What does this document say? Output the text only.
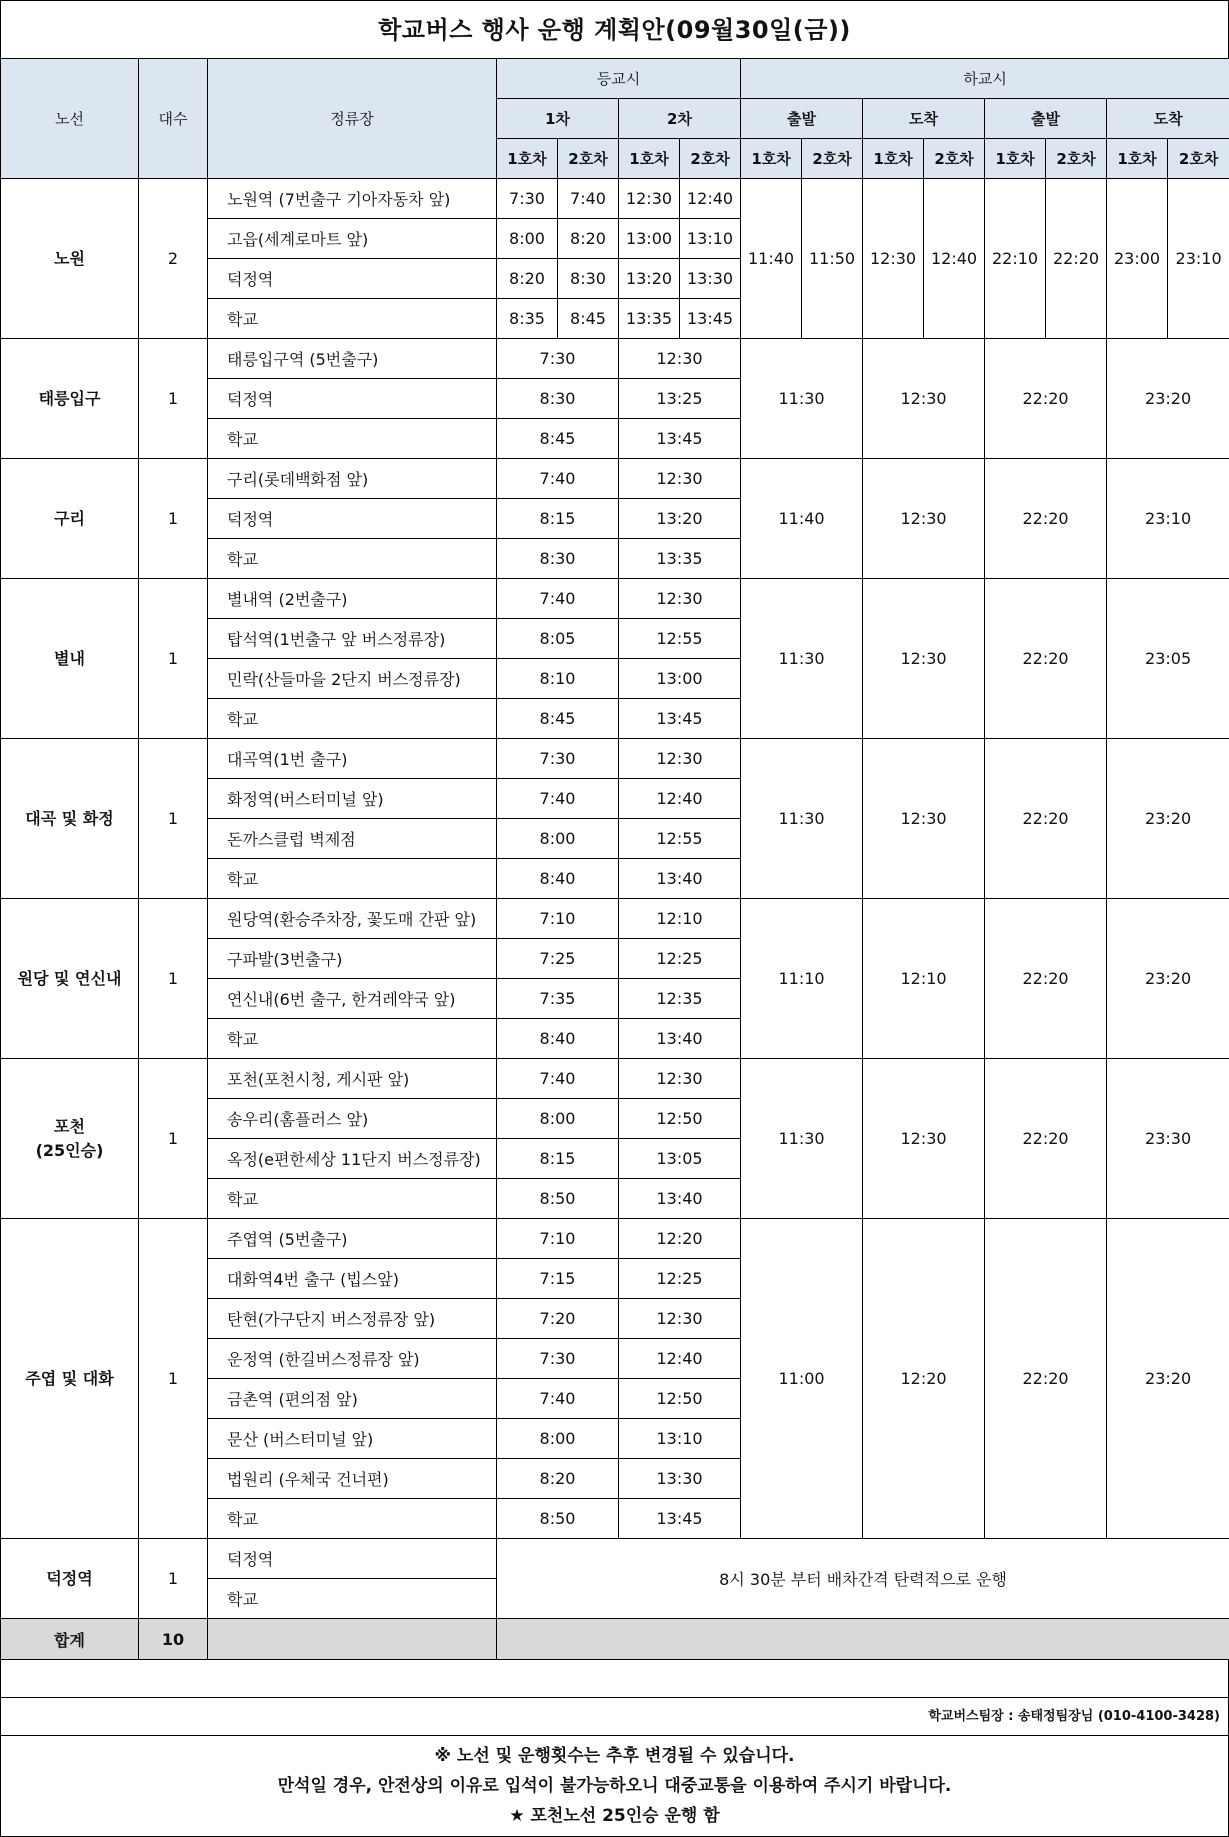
학교버스 행사 운행 계획안(09월30일(금))
노선	대수	정류장	등교시				하교시							
			1차		2차		출발		도착		출발		도착	
			1호차	2호차	1호차	2호차	1호차	2호차	1호차	2호차	1호차	2호차	1호차	2호차
노원	2	노원역 (7번출구 기아자동차 앞)	7:30	7:40	12:30	12:40	11:40	11:50	12:30	12:40	22:10	22:20	23:00	23:10
		고읍(세계로마트 앞)	8:00	8:20	13:00	13:10								
		덕정역	8:20	8:30	13:20	13:30								
		학교	8:35	8:45	13:35	13:45								
태릉입구	1	태릉입구역 (5번출구)	7:30		12:30		11:30		12:30		22:20		23:20	
		덕정역	8:30		13:25									
		학교	8:45		13:45									
구리	1	구리(롯데백화점 앞)	7:40		12:30		11:40		12:30		22:20		23:10	
		덕정역	8:15		13:20									
		학교	8:30		13:35									
별내	1	별내역 (2번출구)	7:40		12:30		11:30		12:30		22:20		23:05	
		탑석역(1번출구 앞 버스정류장)	8:05		12:55									
		민락(산들마을 2단지 버스정류장)	8:10		13:00									
		학교	8:45		13:45									
대곡 및 화정	1	대곡역(1번 출구)	7:30		12:30		11:30		12:30		22:20		23:20	
		화정역(버스터미널 앞)	7:40		12:40									
		돈까스클럽 벽제점	8:00		12:55									
		학교	8:40		13:40									
원당 및 연신내	1	원당역(환승주차장, 꽃도매 간판 앞)	7:10		12:10		11:10		12:10		22:20		23:20	
		구파발(3번출구)	7:25		12:25									
		연신내(6번 출구, 한겨레약국 앞)	7:35		12:35									
		학교	8:40		13:40									

포천
(25인승)	1	포천(포천시청, 게시판 앞)	7:40		12:30		11:30		12:30		22:20		23:30	
		송우리(홈플러스 앞)	8:00		12:50									
		옥정(e편한세상 11단지 버스정류장)	8:15		13:05									
		학교	8:50		13:40									
주엽 및 대화	1	주엽역 (5번출구)	7:10		12:20		11:00		12:20		22:20		23:20	
		대화역4번 출구 (빕스앞)	7:15		12:25									
		탄현(가구단지 버스정류장 앞)	7:20		12:30									
		운정역 (한길버스정류장 앞)	7:30		12:40									
		금촌역 (편의점 앞)	7:40		12:50									
		문산 (버스터미널 앞)	8:00		13:10									
		법원리 (우체국 건너편)	8:20		13:30									
		학교	8:50		13:45									
덕정역	1	덕정역	8시 30분 부터 배차간격 탄력적으로 운행											
		학교												
합계	10													
학교버스팀장 : 송태정팀장님 (010-4100-3428)
※ 노선 및 운행횟수는 추후 변경될 수 있습니다.
만석일 경우, 안전상의 이유로 입석이 불가능하오니 대중교통을 이용하여 주시기 바랍니다.
★ 포천노선 25인승 운행 함
